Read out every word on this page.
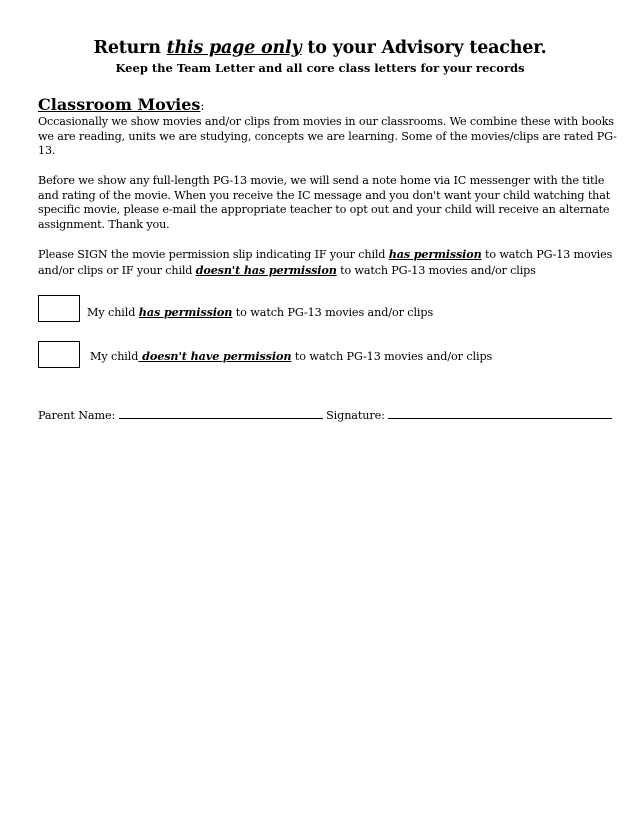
Return this page only to your Advisory teacher.
Keep the Team Letter and all core class letters for your records
Classroom Movies:
Occasionally we show movies and/or clips from movies in our classrooms. We combine these with books
we are reading, units we are studying, concepts we are learning. Some of the movies/clips are rated PG-
13.
Before we show any full-length PG-13 movie, we will send a note home via IC messenger with the title
and rating of the movie. When you receive the IC message and you don't want your child watching that
specific movie, please e-mail the appropriate teacher to opt out and your child will receive an alternate
assignment. Thank you.
Please SIGN the movie permission slip indicating IF your child has permission to watch PG-13 movies
and/or clips or IF your child doesn't has permission to watch PG-13 movies and/or clips
My child has permission to watch PG-13 movies and/or clips
My child doesn't have permission to watch PG-13 movies and/or clips
Parent Name:	Signature:
